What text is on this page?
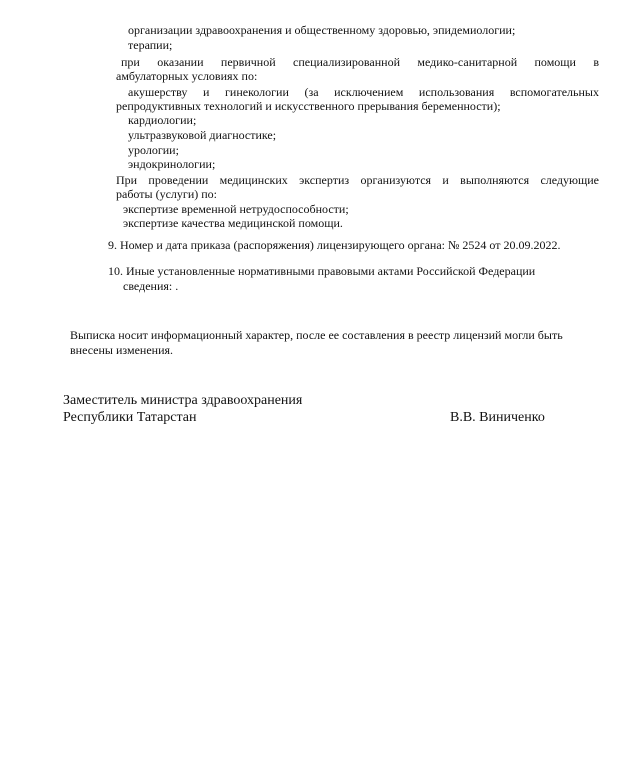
организации здравоохранения и общественному здоровью, эпидемиологии;
терапии;
при оказании первичной специализированной медико-санитарной помощи в
амбулаторных условиях по:
акушерству и гинекологии (за исключением использования вспомогательных
репродуктивных технологий и искусственного прерывания беременности);
кардиологии;
ультразвуковой диагностике;
урологии;
эндокринологии;
При проведении медицинских экспертиз организуются и выполняются следующие
работы (услуги) по:
экспертизе временной нетрудоспособности;
экспертизе качества медицинской помощи.
9. Номер и дата приказа (распоряжения) лицензирующего органа: № 2524 от 20.09.2022.
10. Иные установленные нормативными правовыми актами Российской Федерации
сведения: .
Выписка носит информационный характер, после ее составления в реестр лицензий могли быть
внесены изменения.
Заместитель министра здравоохранения
Республики Татарстан	В.В. Виниченко
